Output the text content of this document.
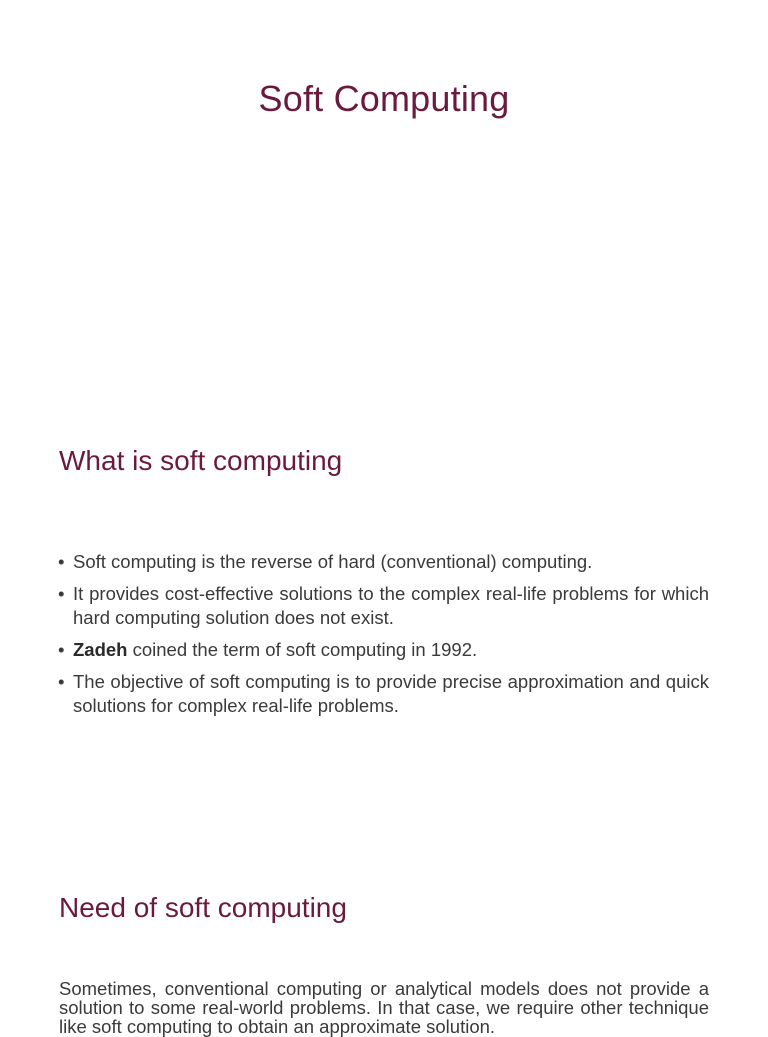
Soft Computing
What is soft computing
• Soft computing is the reverse of hard (conventional) computing.
• It provides cost-effective solutions to the complex real-life problems for which hard computing solution does not exist.
• Zadeh coined the term of soft computing in 1992.
• The objective of soft computing is to provide precise approximation and quick solutions for complex real-life problems.
Need of soft computing

Sometimes, conventional computing or analytical models does not provide a solution to some real-world problems. In that case, we require other technique like soft computing to obtain an approximate solution.
